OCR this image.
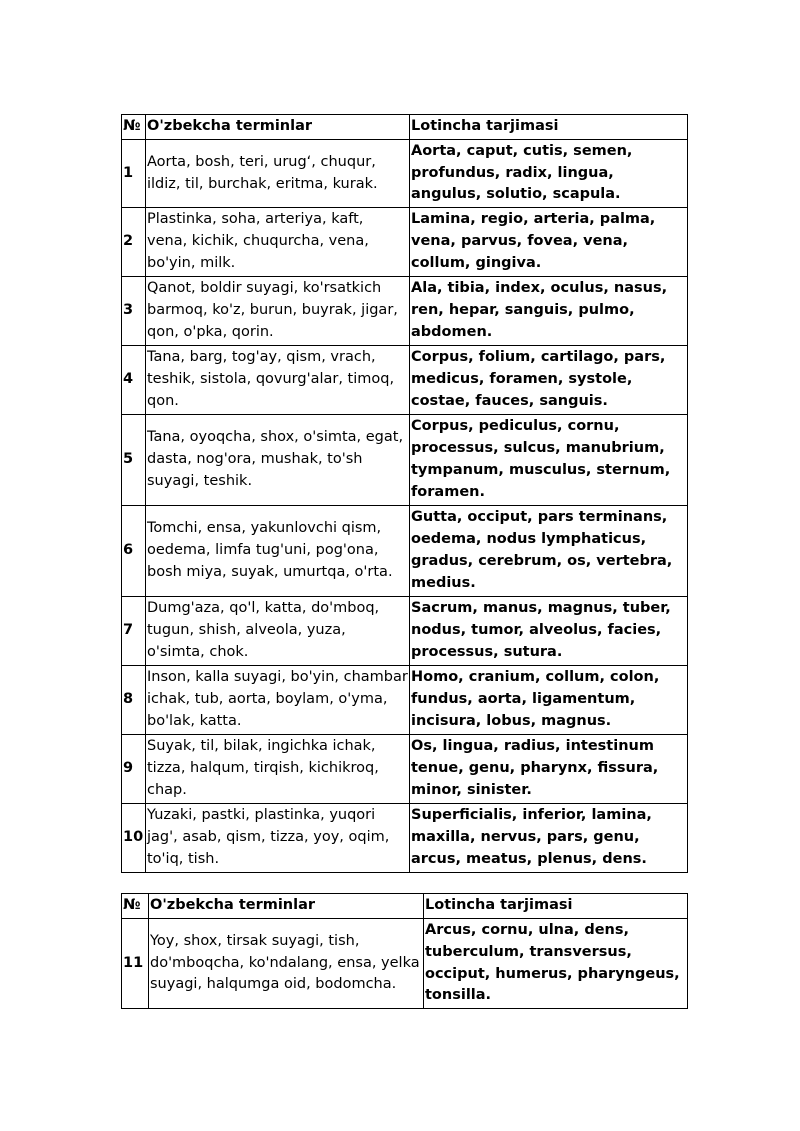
№	O'zbekcha terminlar	Lotincha tarjimasi
1	Aorta, bosh, teri, urug‘, chuqur, ildiz, til, burchak, eritma, kurak.	Aorta, caput, cutis, semen, profundus, radix, lingua, angulus, solutio, scapula.
2	Plastinka, soha, arteriya, kaft, vena, kichik, chuqurcha, vena, bo'yin, milk.	Lamina, regio, arteria, palma, vena, parvus, fovea, vena, collum, gingiva.
3	Qanot, boldir suyagi, ko'rsatkich barmoq, ko'z, burun, buyrak, jigar, qon, o'pka, qorin.	Ala, tibia, index, oculus, nasus, ren, hepar, sanguis, pulmo, abdomen.
4	Tana, barg, tog'ay, qism, vrach, teshik, sistola, qovurg'alar, timoq, qon.	Corpus, folium, cartilago, pars, medicus, foramen, systole, costae, fauces, sanguis.
5	Tana, oyoqcha, shox, o'simta, egat, dasta, nog'ora, mushak, to'sh suyagi, teshik.	Corpus, pediculus, cornu, processus, sulcus, manubrium, tympanum, musculus, sternum, foramen.
6	Tomchi, ensa, yakunlovchi qism, oedema, limfa tug'uni, pog'ona, bosh miya, suyak, umurtqa, o'rta.	Gutta, occiput, pars terminans, oedema, nodus lymphaticus, gradus, cerebrum, os, vertebra, medius.
7	Dumg'aza, qo'l, katta, do'mboq, tugun, shish, alveola, yuza, o'simta, chok.	Sacrum, manus, magnus, tuber, nodus, tumor, alveolus, facies, processus, sutura.
8	Inson, kalla suyagi, bo'yin, chambar ichak, tub, aorta, boylam, o'yma, bo'lak, katta.	Homo, cranium, collum, colon, fundus, aorta, ligamentum, incisura, lobus, magnus.
9	Suyak, til, bilak, ingichka ichak, tizza, halqum, tirqish, kichikroq, chap.	Os, lingua, radius, intestinum tenue, genu, pharynx, fissura, minor, sinister.
10	Yuzaki, pastki, plastinka, yuqori jag', asab, qism, tizza, yoy, oqim, to'iq, tish.	Superficialis, inferior, lamina, maxilla, nervus, pars, genu, arcus, meatus, plenus, dens.
№	O'zbekcha terminlar	Lotincha tarjimasi
11	Yoy, shox, tirsak suyagi, tish, do'mboqcha, ko'ndalang, ensa, yelka suyagi, halqumga oid, bodomcha.	Arcus, cornu, ulna, dens, tuberculum, transversus, occiput, humerus, pharyngeus, tonsilla.
